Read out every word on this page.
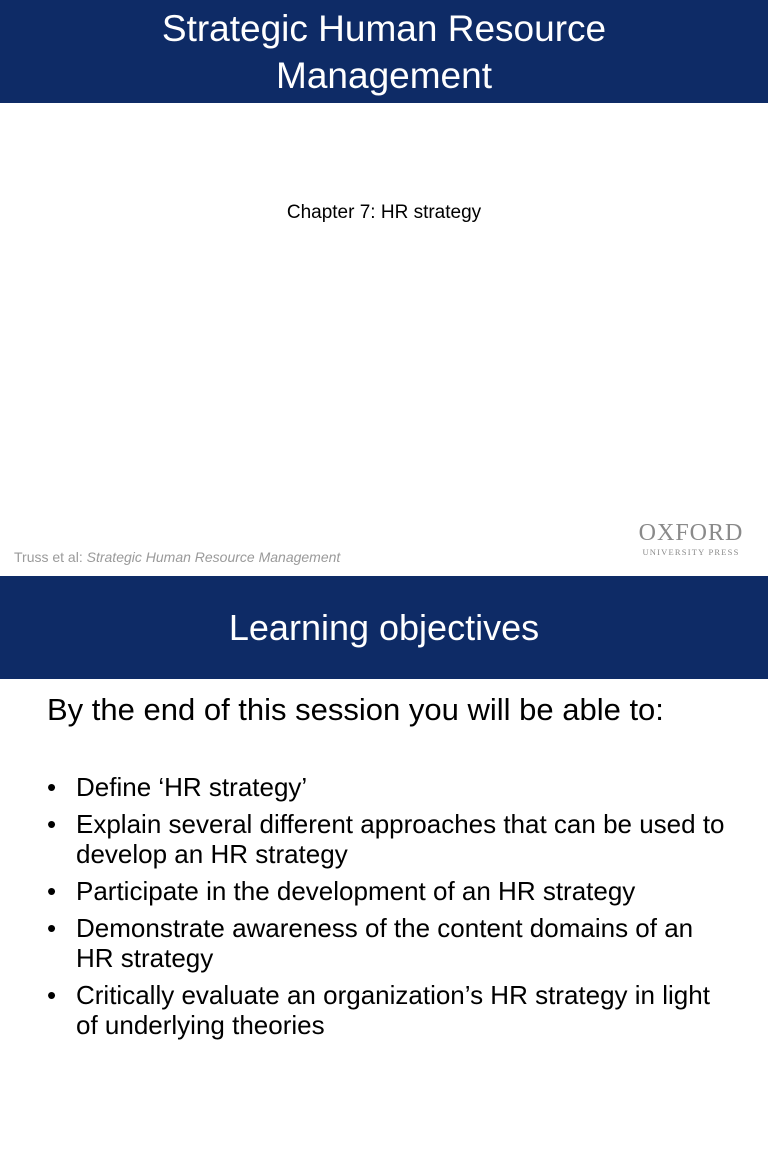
Strategic Human Resource Management
Chapter 7: HR strategy
Truss et al: Strategic Human Resource Management
OXFORD
UNIVERSITY PRESS
Learning objectives
By the end of this session you will be able to:
• Define ‘HR strategy’
• Explain several different approaches that can be used to develop an HR strategy
• Participate in the development of an HR strategy
• Demonstrate awareness of the content domains of an HR strategy
• Critically evaluate an organization’s HR strategy in light of underlying theories
